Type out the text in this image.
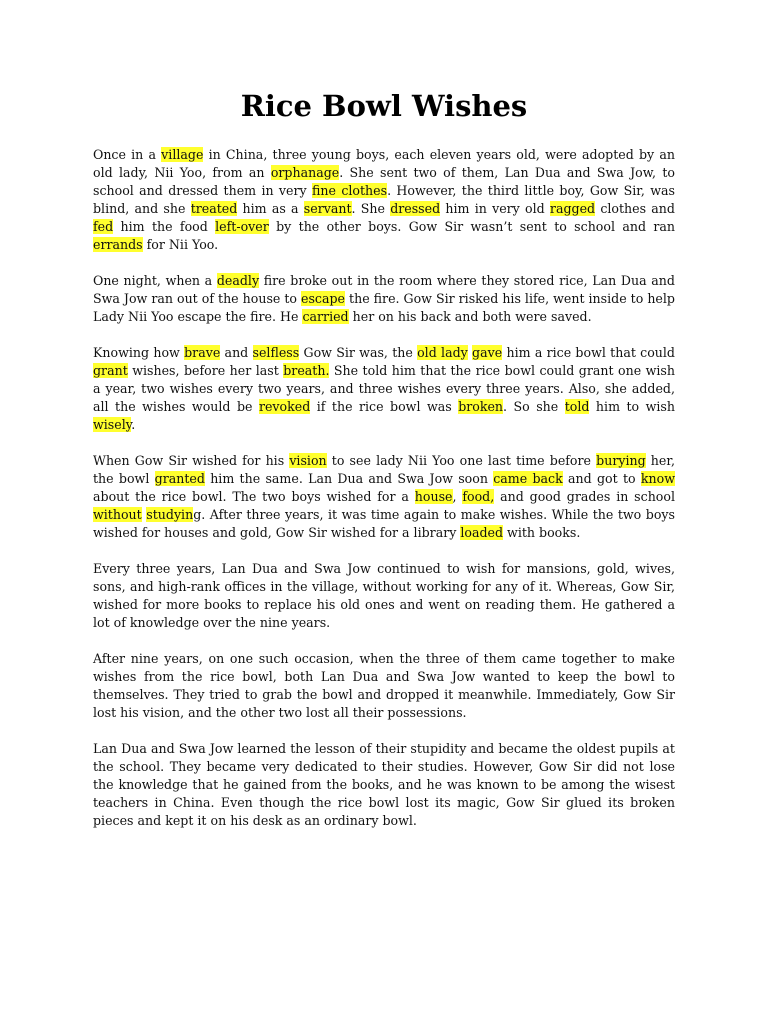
Rice Bowl Wishes

Once in a village in China, three young boys, each eleven years old, were adopted by an old lady, Nii Yoo, from an orphanage. She sent two of them, Lan Dua and Swa Jow, to school and dressed them in very fine clothes. However, the third little boy, Gow Sir, was blind, and she treated him as a servant. She dressed him in very old ragged clothes and fed him the food left-over by the other boys. Gow Sir wasn’t sent to school and ran errands for Nii Yoo.

One night, when a deadly fire broke out in the room where they stored rice, Lan Dua and Swa Jow ran out of the house to escape the fire. Gow Sir risked his life, went inside to help Lady Nii Yoo escape the fire. He carried her on his back and both were saved.

Knowing how brave and selfless Gow Sir was, the old lady gave him a rice bowl that could grant wishes, before her last breath. She told him that the rice bowl could grant one wish a year, two wishes every two years, and three wishes every three years. Also, she added, all the wishes would be revoked if the rice bowl was broken. So she told him to wish wisely.

When Gow Sir wished for his vision to see lady Nii Yoo one last time before burying her, the bowl granted him the same. Lan Dua and Swa Jow soon came back and got to know about the rice bowl. The two boys wished for a house, food, and good grades in school without studying. After three years, it was time again to make wishes. While the two boys wished for houses and gold, Gow Sir wished for a library loaded with books.

Every three years, Lan Dua and Swa Jow continued to wish for mansions, gold, wives, sons, and high-rank offices in the village, without working for any of it. Whereas, Gow Sir, wished for more books to replace his old ones and went on reading them. He gathered a lot of knowledge over the nine years.

After nine years, on one such occasion, when the three of them came together to make wishes from the rice bowl, both Lan Dua and Swa Jow wanted to keep the bowl to themselves. They tried to grab the bowl and dropped it meanwhile. Immediately, Gow Sir lost his vision, and the other two lost all their possessions.

Lan Dua and Swa Jow learned the lesson of their stupidity and became the oldest pupils at the school. They became very dedicated to their studies. However, Gow Sir did not lose the knowledge that he gained from the books, and he was known to be among the wisest teachers in China. Even though the rice bowl lost its magic, Gow Sir glued its broken pieces and kept it on his desk as an ordinary bowl.
